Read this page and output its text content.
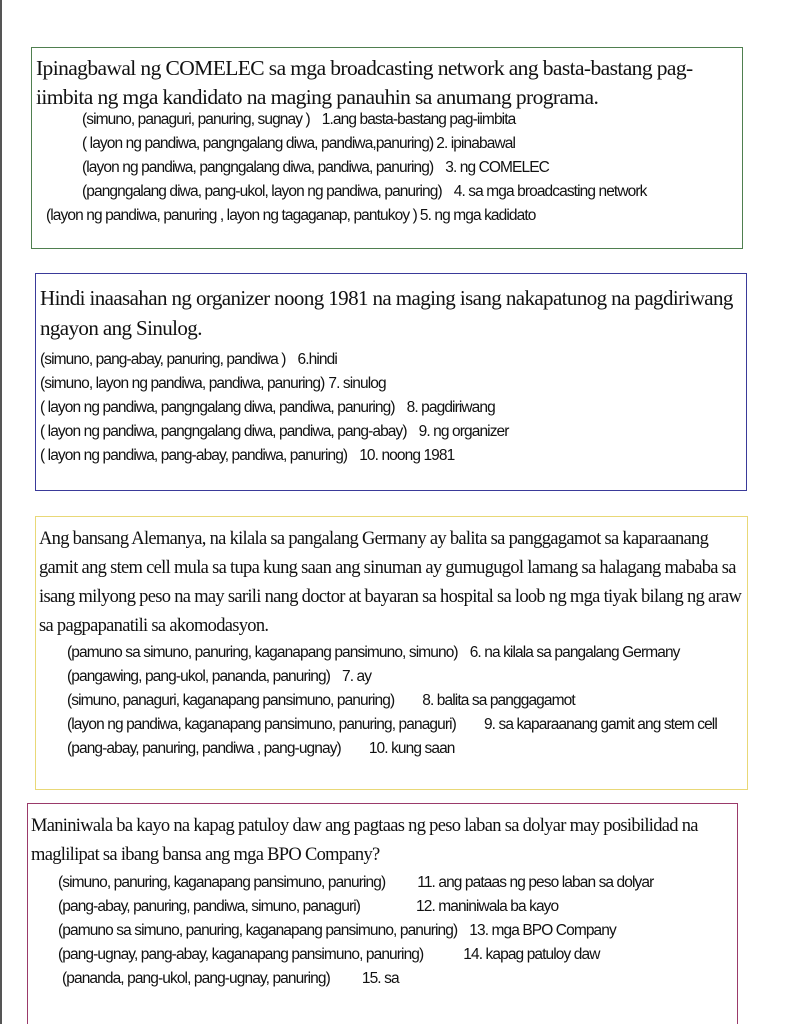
Ipinagbawal ng COMELEC sa mga broadcasting network ang basta-bastang pag-iimbita ng mga kandidato na maging panauhin sa anumang programa.
(simuno, panaguri, panuring, sugnay ) 1.ang basta-bastang pag-iimbita
( layon ng pandiwa, pangngalang diwa, pandiwa,panuring) 2. ipinabawal
(layon ng pandiwa, pangngalang diwa, pandiwa, panuring) 3. ng COMELEC
(pangngalang diwa, pang-ukol, layon ng pandiwa, panuring) 4. sa mga broadcasting network
(layon ng pandiwa, panuring , layon ng tagaganap, pantukoy ) 5. ng mga kadidato
Hindi inaasahan ng organizer noong 1981 na maging isang nakapatunog na pagdiriwang ngayon ang Sinulog.
(simuno, pang-abay, panuring, pandiwa ) 6.hindi
(simuno, layon ng pandiwa, pandiwa, panuring) 7. sinulog
( layon ng pandiwa, pangngalang diwa, pandiwa, panuring) 8. pagdiriwang
( layon ng pandiwa, pangngalang diwa, pandiwa, pang-abay) 9. ng organizer
( layon ng pandiwa, pang-abay, pandiwa, panuring) 10. noong 1981
Ang bansang Alemanya, na kilala sa pangalang Germany ay balita sa panggagamot sa kaparaanang gamit ang stem cell mula sa tupa kung saan ang sinuman ay gumugugol lamang sa halagang mababa sa isang milyong peso na may sarili nang doctor at bayaran sa hospital sa loob ng mga tiyak bilang ng araw sa pagpapanatili sa akomodasyon.
(pamuno sa simuno, panuring, kaganapang pansimuno, simuno) 6. na kilala sa pangalang Germany
(pangawing, pang-ukol, pananda, panuring) 7. ay
(simuno, panaguri, kaganapang pansimuno, panuring) 8. balita sa panggagamot
(layon ng pandiwa, kaganapang pansimuno, panuring, panaguri) 9. sa kaparaanang gamit ang stem cell
(pang-abay, panuring, pandiwa , pang-ugnay) 10. kung saan
Maniniwala ba kayo na kapag patuloy daw ang pagtaas ng peso laban sa dolyar may posibilidad na maglilipat sa ibang bansa ang mga BPO Company?
(simuno, panuring, kaganapang pansimuno, panuring) 11. ang pataas ng peso laban sa dolyar
(pang-abay, panuring, pandiwa, simuno, panaguri)	12. maniniwala ba kayo
(pamuno sa simuno, panuring, kaganapang pansimuno, panuring) 13. mga BPO Company
(pang-ugnay, pang-abay, kaganapang pansimuno, panuring)	14. kapag patuloy daw
(pananda, pang-ukol, pang-ugnay, panuring) 15. sa
